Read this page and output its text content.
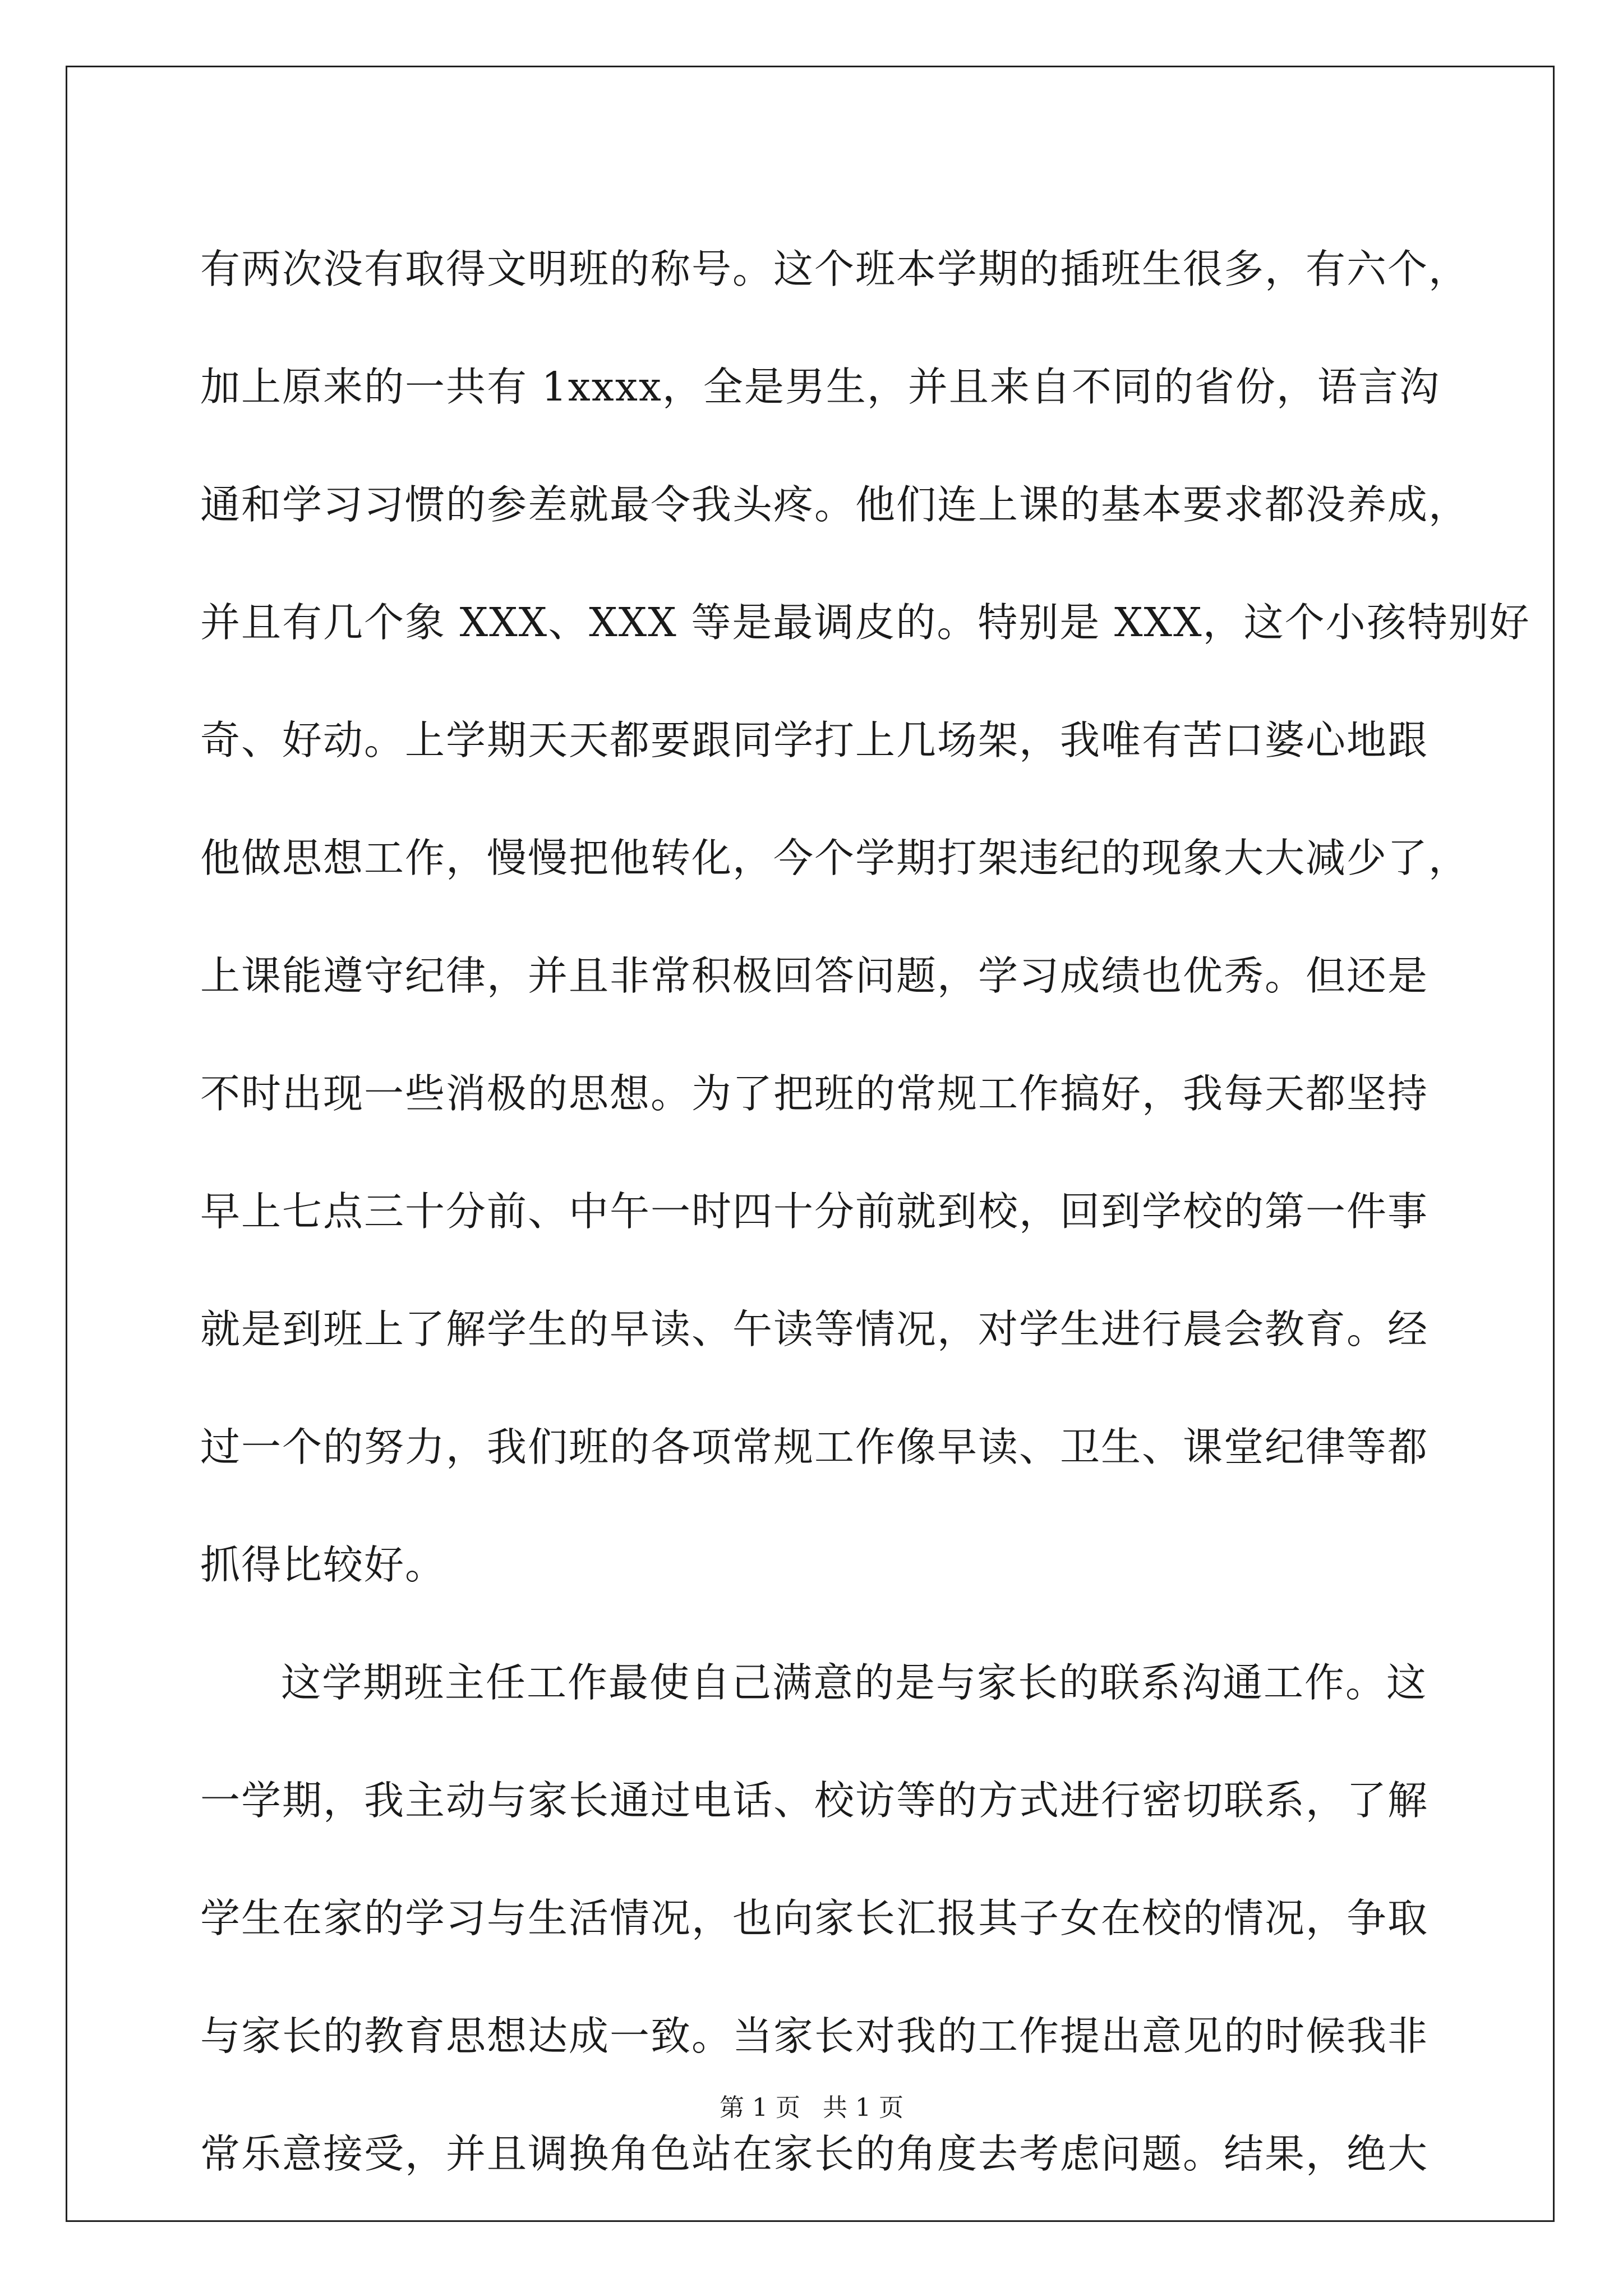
有两次没有取得文明班的称号。这个班本学期的插班生很多，有六个，
加上原来的一共有 1xxxx，全是男生，并且来自不同的省份，语言沟
通和学习习惯的参差就最令我头疼。他们连上课的基本要求都没养成，
并且有几个象 XXX、XXX 等是最调皮的。特别是 XXX，这个小孩特别好
奇、好动。上学期天天都要跟同学打上几场架，我唯有苦口婆心地跟
他做思想工作，慢慢把他转化，今个学期打架违纪的现象大大减少了，
上课能遵守纪律，并且非常积极回答问题，学习成绩也优秀。但还是
不时出现一些消极的思想。为了把班的常规工作搞好，我每天都坚持
早上七点三十分前、中午一时四十分前就到校，回到学校的第一件事
就是到班上了解学生的早读、午读等情况，对学生进行晨会教育。经
过一个的努力，我们班的各项常规工作像早读、卫生、课堂纪律等都
抓得比较好。
这学期班主任工作最使自己满意的是与家长的联系沟通工作。这
一学期，我主动与家长通过电话、校访等的方式进行密切联系，了解
学生在家的学习与生活情况，也向家长汇报其子女在校的情况，争取
与家长的教育思想达成一致。当家长对我的工作提出意见的时候我非
常乐意接受，并且调换角色站在家长的角度去考虑问题。结果，绝大
第 1 页 共 1 页
